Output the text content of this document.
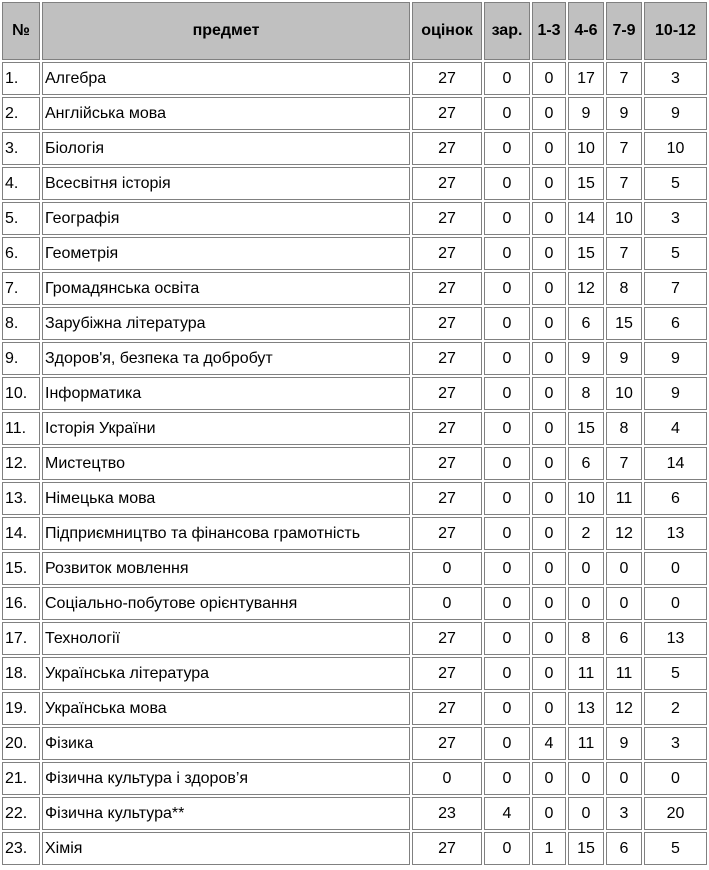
№	предмет	оцінок	зар.	1-3	4-6	7-9	10-12
1.	Алгебра	27	0	0	17	7	3
2.	Англійська мова	27	0	0	9	9	9
3.	Біологія	27	0	0	10	7	10
4.	Всесвітня історія	27	0	0	15	7	5
5.	Географія	27	0	0	14	10	3
6.	Геометрія	27	0	0	15	7	5
7.	Громадянська освіта	27	0	0	12	8	7
8.	Зарубіжна література	27	0	0	6	15	6
9.	Здоров'я, безпека та добробут	27	0	0	9	9	9
10.	Інформатика	27	0	0	8	10	9
11.	Історія України	27	0	0	15	8	4
12.	Мистецтво	27	0	0	6	7	14
13.	Німецька мова	27	0	0	10	11	6
14.	Підприємництво та фінансова грамотність	27	0	0	2	12	13
15.	Розвиток мовлення	0	0	0	0	0	0
16.	Соціально-побутове орієнтування	0	0	0	0	0	0
17.	Технології	27	0	0	8	6	13
18.	Українська література	27	0	0	11	11	5
19.	Українська мова	27	0	0	13	12	2
20.	Фізика	27	0	4	11	9	3
21.	Фізична культура і здоров’я	0	0	0	0	0	0
22.	Фізична культура**	23	4	0	0	3	20
23.	Хімія	27	0	1	15	6	5
